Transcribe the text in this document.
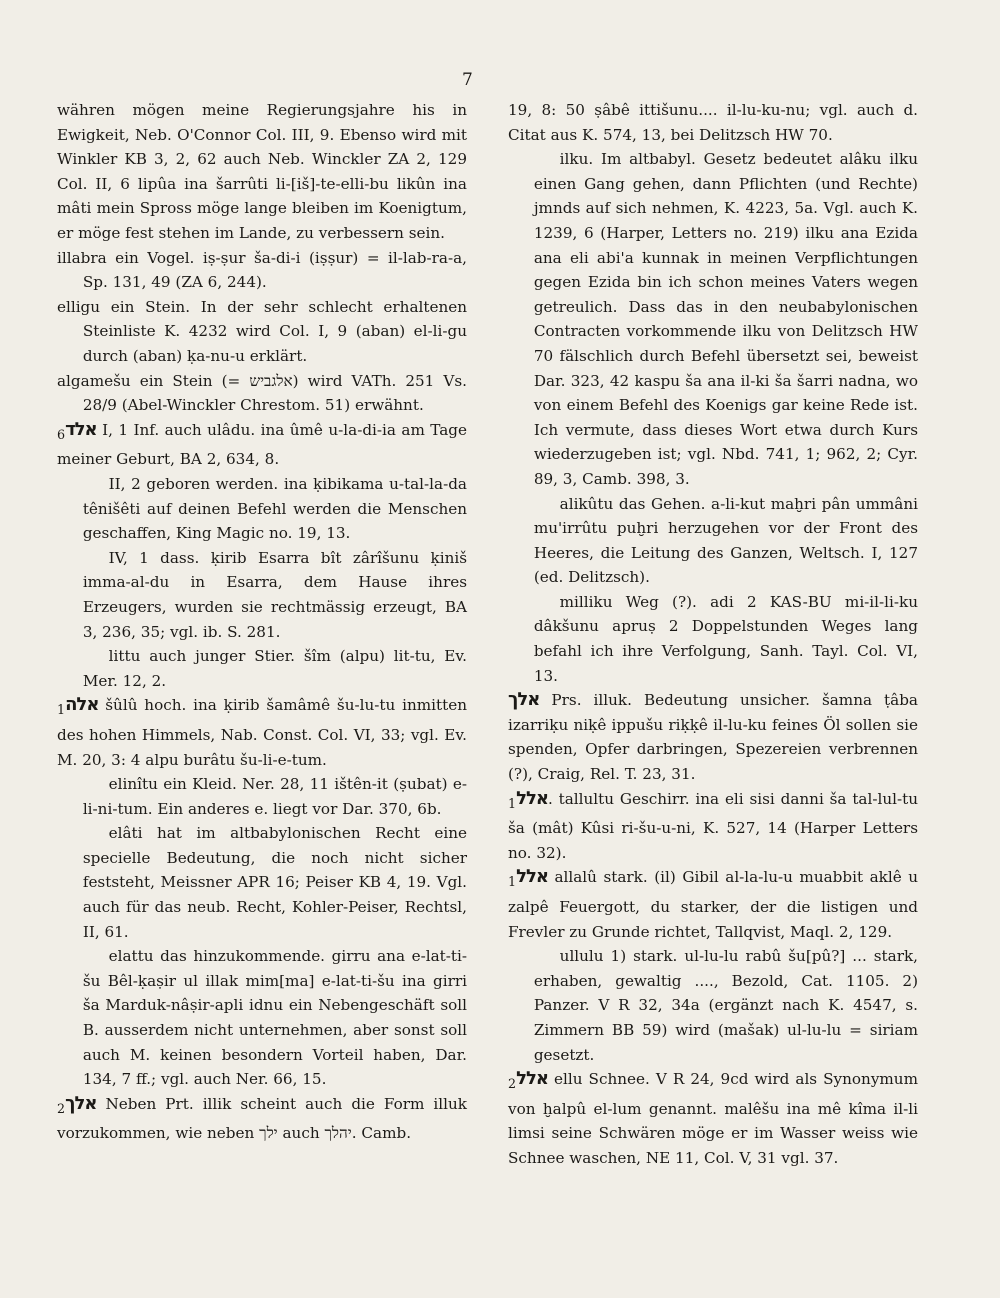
7

währen mögen meine Regierungsjahre his in Ewigkeit, Neb. O'Connor Col. III, 9. Ebenso wird mit Winkler KB 3, 2, 62 auch Neb. Winckler ZA 2, 129 Col. II, 6 lipûa ina šarrûti li-[iš]-te-elli-bu likûn ina mâti mein Spross möge lange bleiben im Koenigtum, er möge fest stehen im Lande, zu verbessern sein.

illabra ein Vogel. iṣ-ṣur ša-di-i (iṣṣur) = il-lab-ra-a, Sp. 131, 49 (ZA 6, 244).

elligu ein Stein. In der sehr schlecht erhaltenen Steinliste K. 4232 wird Col. I, 9 (aban) el-li-gu durch (aban) ḳa-nu-u erklärt.

algamešu ein Stein (= אלגביש) wird VATh. 251 Vs. 28/9 (Abel-Winckler Chrestom. 51) erwähnt.

אלד$_6$ I, 1 Inf. auch ulâdu. ina ûmê u-la-di-ia am Tage meiner Geburt, BA 2, 634, 8.

II, 2 geboren werden. ina ḳibikama u-tal-la-da tênišêti auf deinen Befehl werden die Menschen geschaffen, King Magic no. 19, 13.

IV, 1 dass. ḳirib Esarra bît zârîšunu ḳiniš imma-al-du in Esarra, dem Hause ihres Erzeugers, wurden sie rechtmässig erzeugt, BA 3, 236, 35; vgl. ib. S. 281.

littu auch junger Stier. šîm (alpu) lit-tu, Ev. Mer. 12, 2.

אלה$_1$ šûlû hoch. ina ḳirib šamâmê šu-lu-tu inmitten des hohen Himmels, Nab. Const. Col. VI, 33; vgl. Ev. M. 20, 3: 4 alpu burâtu šu-li-e-tum.

elinîtu ein Kleid. Ner. 28, 11 ištên-it (ṣubat) e-li-ni-tum. Ein anderes e. liegt vor Dar. 370, 6b.

elâti hat im altbabylonischen Recht eine specielle Bedeutung, die noch nicht sicher feststeht, Meissner APR 16; Peiser KB 4, 19. Vgl. auch für das neub. Recht, Kohler-Peiser, Rechtsl, II, 61.

elattu das hinzukommende. girru ana e-lat-ti-šu Bêl-ḳaṣir ul illak mim[ma] e-lat-ti-šu ina girri ša Marduk-nâṣir-apli idnu ein Nebengeschäft soll B. ausserdem nicht unternehmen, aber sonst soll auch M. keinen besondern Vorteil haben, Dar. 134, 7 ff.; vgl. auch Ner. 66, 15.

אלך$_2$ Neben Prt. illik scheint auch die Form illuk vorzukommen, wie neben ילך auch יהלך. Camb.

19, 8: 50 ṣâbê ittišunu.... il-lu-ku-nu; vgl. auch d. Citat aus K. 574, 13, bei Delitzsch HW 70.

ilku. Im altbabyl. Gesetz bedeutet alâku ilku einen Gang gehen, dann Pflichten (und Rechte) jmnds auf sich nehmen, K. 4223, 5a. Vgl. auch K. 1239, 6 (Harper, Letters no. 219) ilku ana Ezida ana eli abi'a kunnak in meinen Verpflichtungen gegen Ezida bin ich schon meines Vaters wegen getreulich. Dass das in den neubabylonischen Contracten vorkommende ilku von Delitzsch HW 70 fälschlich durch Befehl übersetzt sei, beweist Dar. 323, 42 kaspu ša ana il-ki ša šarri nadna, wo von einem Befehl des Koenigs gar keine Rede ist. Ich vermute, dass dieses Wort etwa durch Kurs wiederzugeben ist; vgl. Nbd. 741, 1; 962, 2; Cyr. 89, 3, Camb. 398, 3.

alikûtu das Gehen. a-li-kut maḫri pân ummâni mu'irrûtu puḫri herzugehen vor der Front des Heeres, die Leitung des Ganzen, Weltsch. I, 127 (ed. Delitzsch).

milliku Weg (?). adi 2 KAS-BU mi-il-li-ku dâkšunu apruṣ 2 Doppelstunden Weges lang befahl ich ihre Verfolgung, Sanh. Tayl. Col. VI, 13.

אלך Prs. illuk. Bedeutung unsicher. šamna ṭâba izarriḳu niḳê ippušu riḳḳê il-lu-ku feines Öl sollen sie spenden, Opfer darbringen, Spezereien verbrennen (?), Craig, Rel. T. 23, 31.

אלל$_1$ . tallultu Geschirr. ina eli sisi danni ša tal-lul-tu ša (mât) Kûsi ri-šu-u-ni, K. 527, 14 (Harper Letters no. 32).

אלל$_1$ allalû stark. (il) Gibil al-la-lu-u muabbit aklê u zalpê Feuergott, du starker, der die listigen und Frevler zu Grunde richtet, Tallqvist, Maql. 2, 129.

ullulu 1) stark. ul-lu-lu rabû šu[pû?] ... stark, erhaben, gewaltig ...., Bezold, Cat. 1105. 2) Panzer. V R 32, 34a (ergänzt nach K. 4547, s. Zimmern BB 59) wird (mašak) ul-lu-lu = siriam gesetzt.

אלל$_2$ ellu Schnee. V R 24, 9cd wird als Synonymum von ḫalpû el-lum genannt. malêšu ina mê kîma il-li limsi seine Schwären möge er im Wasser weiss wie Schnee waschen, NE 11, Col. V, 31 vgl. 37.
